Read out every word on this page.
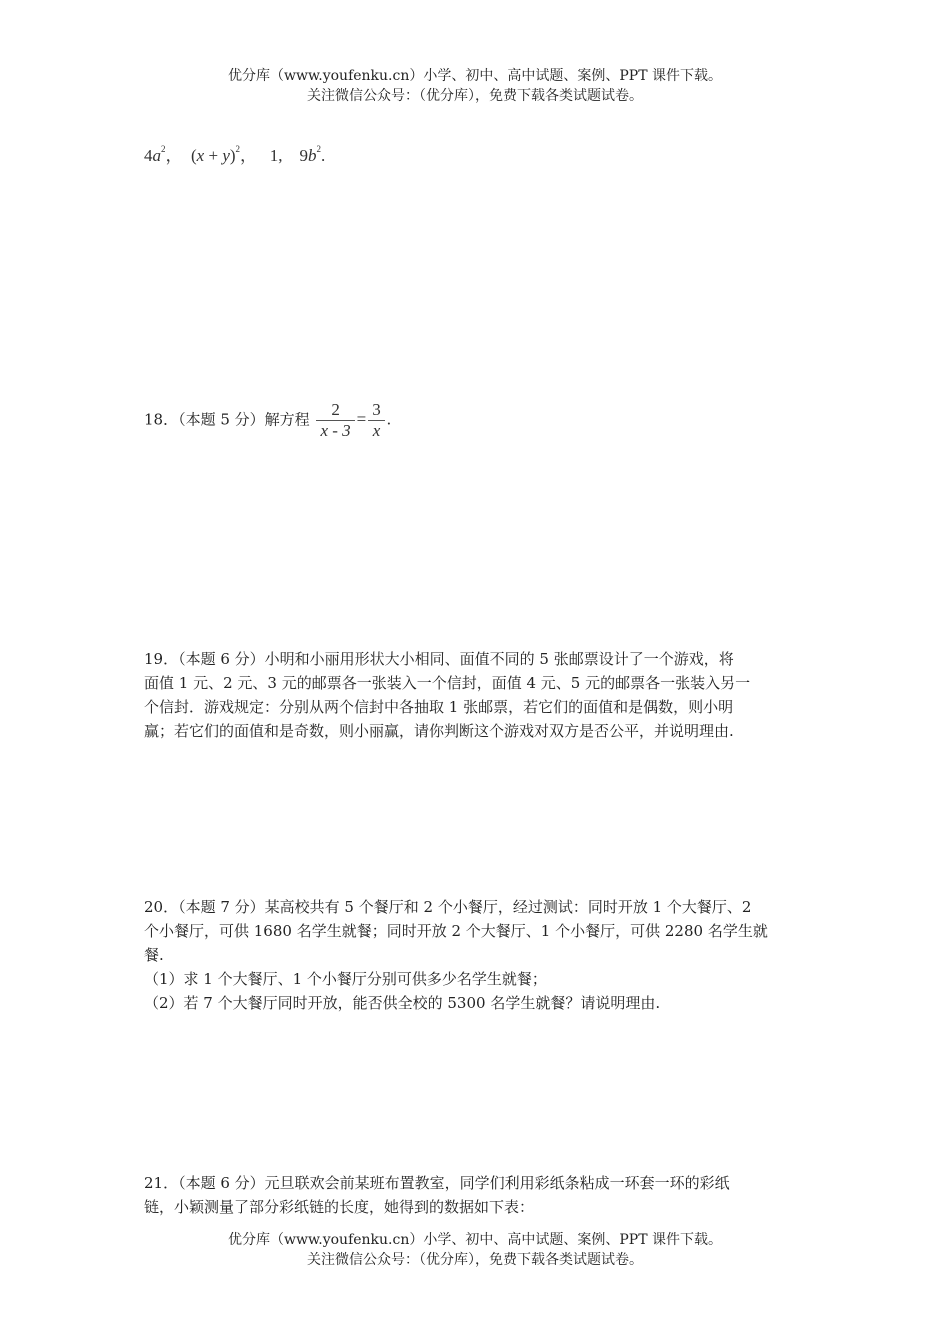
优分库（www.youfenku.cn）小学、初中、高中试题、案例、PPT 课件下载。
关注微信公众号：（优分库），免费下载各类试题试卷。
$4a^2$， $(x + y)^2$， 1, $9b^2$.
18．（本题 5 分）解方程 $\frac{2}{x - 3} = \frac{3}{x}$ .
19．（本题 6 分）小明和小丽用形状大小相同、面值不同的 5 张邮票设计了一个游戏，将
面值 1 元、2 元、3 元的邮票各一张装入一个信封，面值 4 元、5 元的邮票各一张装入另一
个信封．游戏规定：分别从两个信封中各抽取 1 张邮票，若它们的面值和是偶数，则小明
赢；若它们的面值和是奇数，则小丽赢，请你判断这个游戏对双方是否公平，并说明理由.
20．（本题 7 分）某高校共有 5 个餐厅和 2 个小餐厅，经过测试：同时开放 1 个大餐厅、2
个小餐厅，可供 1680 名学生就餐；同时开放 2 个大餐厅、1 个小餐厅，可供 2280 名学生就
餐.
（1）求 1 个大餐厅、1 个小餐厅分别可供多少名学生就餐；
（2）若 7 个大餐厅同时开放，能否供全校的 5300 名学生就餐？请说明理由.
21．（本题 6 分）元旦联欢会前某班布置教室，同学们利用彩纸条粘成一环套一环的彩纸
链，小颖测量了部分彩纸链的长度，她得到的数据如下表：
优分库（www.youfenku.cn）小学、初中、高中试题、案例、PPT 课件下载。
关注微信公众号：（优分库），免费下载各类试题试卷。
